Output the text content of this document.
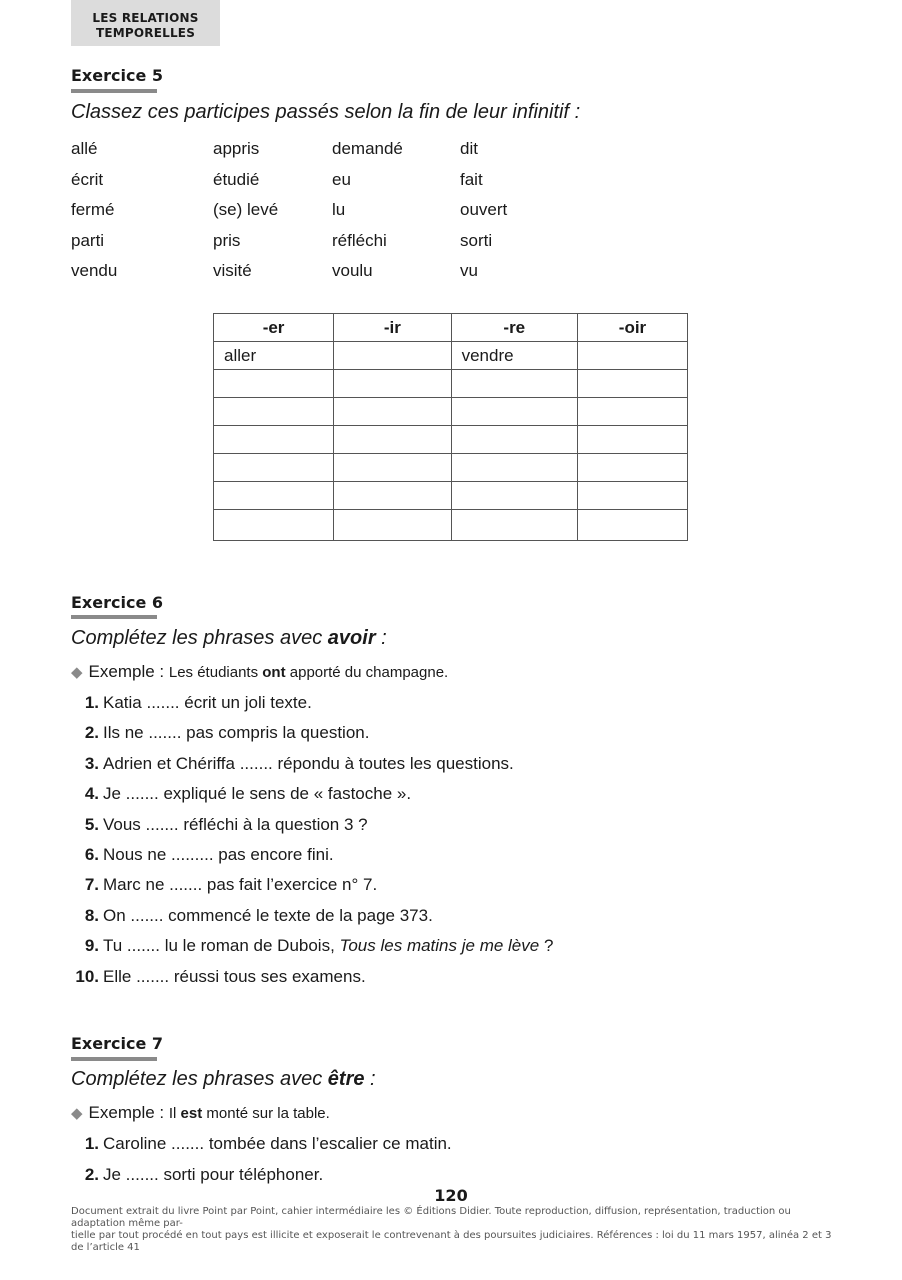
LES RELATIONS
TEMPORELLES
Exercice 5
Classez ces participes passés selon la fin de leur infinitif :
allé	appris	demandé	dit
écrit	étudié	eu	fait
fermé	(se) levé	lu	ouvert
parti	pris	réfléchi	sorti
vendu	visité	voulu	vu
-er	-ir	-re	-oir
aller		vendre	

Exercice 6
Complétez les phrases avec avoir :
◆ Exemple : Les étudiants ont apporté du champagne.
1. Katia ....... écrit un joli texte.
2. Ils ne ....... pas compris la question.
3. Adrien et Chériffa ....... répondu à toutes les questions.
4. Je ....... expliqué le sens de « fastoche ».
5. Vous ....... réfléchi à la question 3 ?
6. Nous ne ......... pas encore fini.
7. Marc ne ....... pas fait l’exercice n° 7.
8. On ....... commencé le texte de la page 373.
9. Tu ....... lu le roman de Dubois, Tous les matins je me lève ?
10. Elle ....... réussi tous ses examens.
Exercice 7
Complétez les phrases avec être :
◆ Exemple : Il est monté sur la table.
1. Caroline ....... tombée dans l’escalier ce matin.
2. Je ....... sorti pour téléphoner.
120
Document extrait du livre Point par Point, cahier intermédiaire les © Éditions Didier. Toute reproduction, diffusion, représentation, traduction ou adaptation même par-
tielle par tout procédé en tout pays est illicite et exposerait le contrevenant à des poursuites judiciaires. Références : loi du 11 mars 1957, alinéa 2 et 3 de l’article 41
